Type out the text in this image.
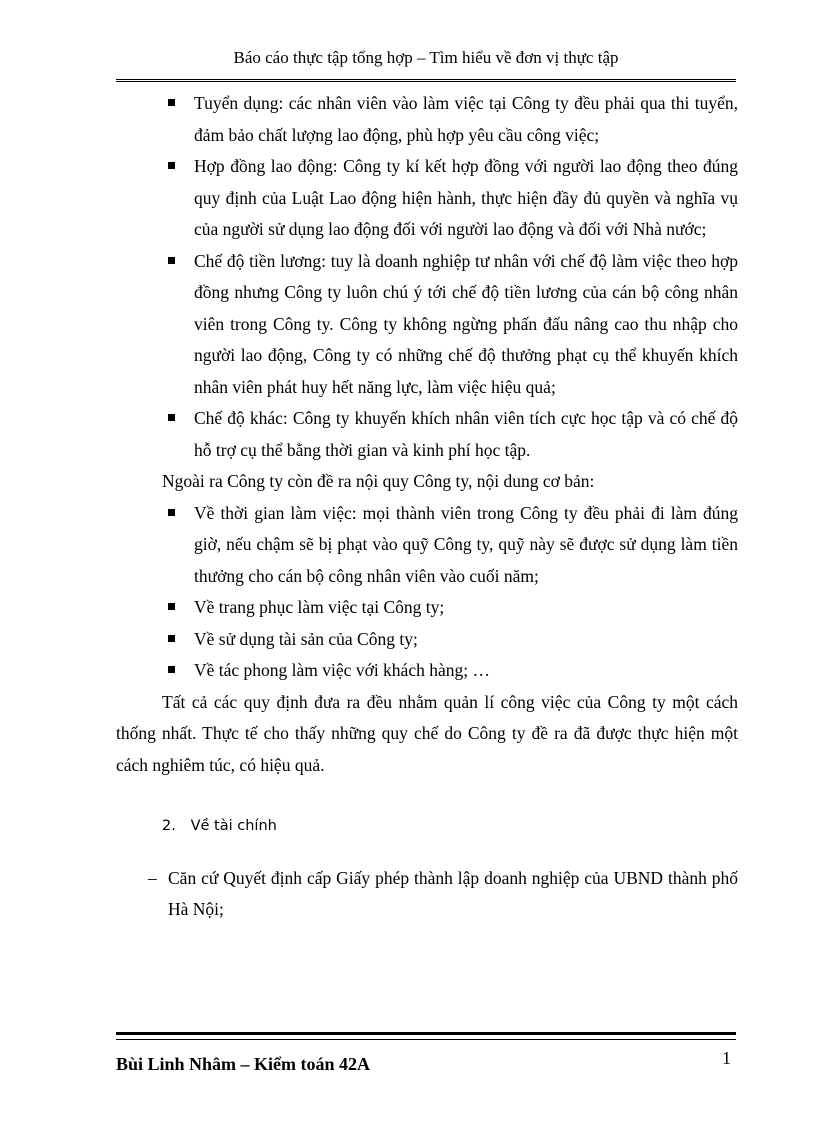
Báo cáo thực tập tổng hợp – Tìm hiểu về đơn vị thực tập
Tuyển dụng: các nhân viên vào làm việc tại Công ty đều phải qua thi tuyển, đảm bảo chất lượng lao động, phù hợp yêu cầu công việc;
Hợp đồng lao động: Công ty kí kết hợp đồng với người lao động theo đúng quy định của Luật Lao động hiện hành, thực hiện đầy đủ quyền và nghĩa vụ của người sử dụng lao động đối với người lao động và đối với Nhà nước;
Chế độ tiền lương: tuy là doanh nghiệp tư nhân với chế độ làm việc theo hợp đồng nhưng Công ty luôn chú ý tới chế độ tiền lương của cán bộ công nhân viên trong Công ty. Công ty không ngừng phấn đấu nâng cao thu nhập cho người lao động, Công ty có những chế độ thưởng phạt cụ thể khuyến khích nhân viên phát huy hết năng lực, làm việc hiệu quả;
Chế độ khác: Công ty khuyến khích nhân viên tích cực học tập và có chế độ hỗ trợ cụ thể bằng thời gian và kinh phí học tập.
Ngoài ra Công ty còn đề ra nội quy Công ty, nội dung cơ bản:
Về thời gian làm việc: mọi thành viên trong Công ty đều phải đi làm đúng giờ, nếu chậm sẽ bị phạt vào quỹ Công ty, quỹ này sẽ được sử dụng làm tiền thưởng cho cán bộ công nhân viên vào cuối năm;
Về trang phục làm việc tại Công ty;
Về sử dụng tài sản của Công ty;
Về tác phong làm việc với khách hàng; …
Tất cả các quy định đưa ra đều nhằm quản lí công việc của Công ty một cách thống nhất. Thực tế cho thấy những quy chế do Công ty đề ra đã được thực hiện một cách nghiêm túc, có hiệu quả.
2. Về tài chính
– Căn cứ Quyết định cấp Giấy phép thành lập doanh nghiệp của UBND thành phố Hà Nội;
Bùi Linh Nhâm – Kiểm toán 42A	1
